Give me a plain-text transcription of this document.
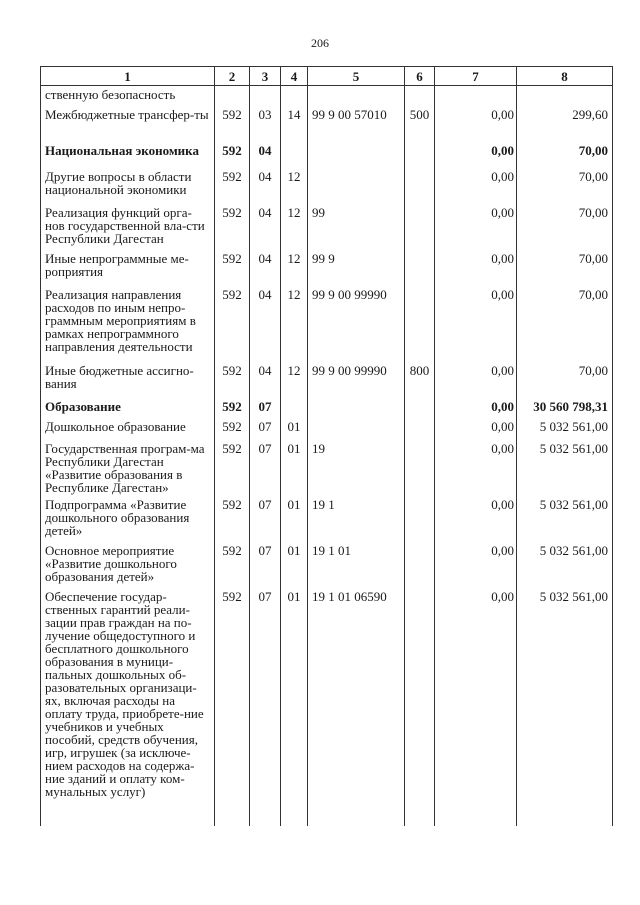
206
1	2	3	4	5	6	7	8
ственную безопасность							
Межбюджетные трансфер-ты	592	03	14	99 9 00 57010	500	0,00	299,60
Национальная экономика	592	04				0,00	70,00
Другие вопросы в области национальной экономики	592	04	12			0,00	70,00
Реализация функций орга-нов государственной вла-сти Республики Дагестан	592	04	12	99		0,00	70,00
Иные непрограммные ме-роприятия	592	04	12	99 9		0,00	70,00
Реализация направления расходов по иным непро-граммным мероприятиям в рамках непрограммного направления деятельности	592	04	12	99 9 00 99990		0,00	70,00
Иные бюджетные ассигно-вания	592	04	12	99 9 00 99990	800	0,00	70,00
Образование	592	07				0,00	30 560 798,31
Дошкольное образование	592	07	01			0,00	5 032 561,00
Государственная програм-ма Республики Дагестан «Развитие образования в Республике Дагестан»	592	07	01	19		0,00	5 032 561,00
Подпрограмма «Развитие дошкольного образования детей»	592	07	01	19 1		0,00	5 032 561,00
Основное мероприятие «Развитие дошкольного образования детей»	592	07	01	19 1 01		0,00	5 032 561,00
Обеспечение государ-ственных гарантий реали-зации прав граждан на по-лучение общедоступного и бесплатного дошкольного образования в муници-пальных дошкольных об-разовательных организаци-ях, включая расходы на оплату труда, приобрете-ние учебников и учебных пособий, средств обучения, игр, игрушек (за исключе-нием расходов на содержа-ние зданий и оплату ком-мунальных услуг)	592	07	01	19 1 01 06590		0,00	5 032 561,00
